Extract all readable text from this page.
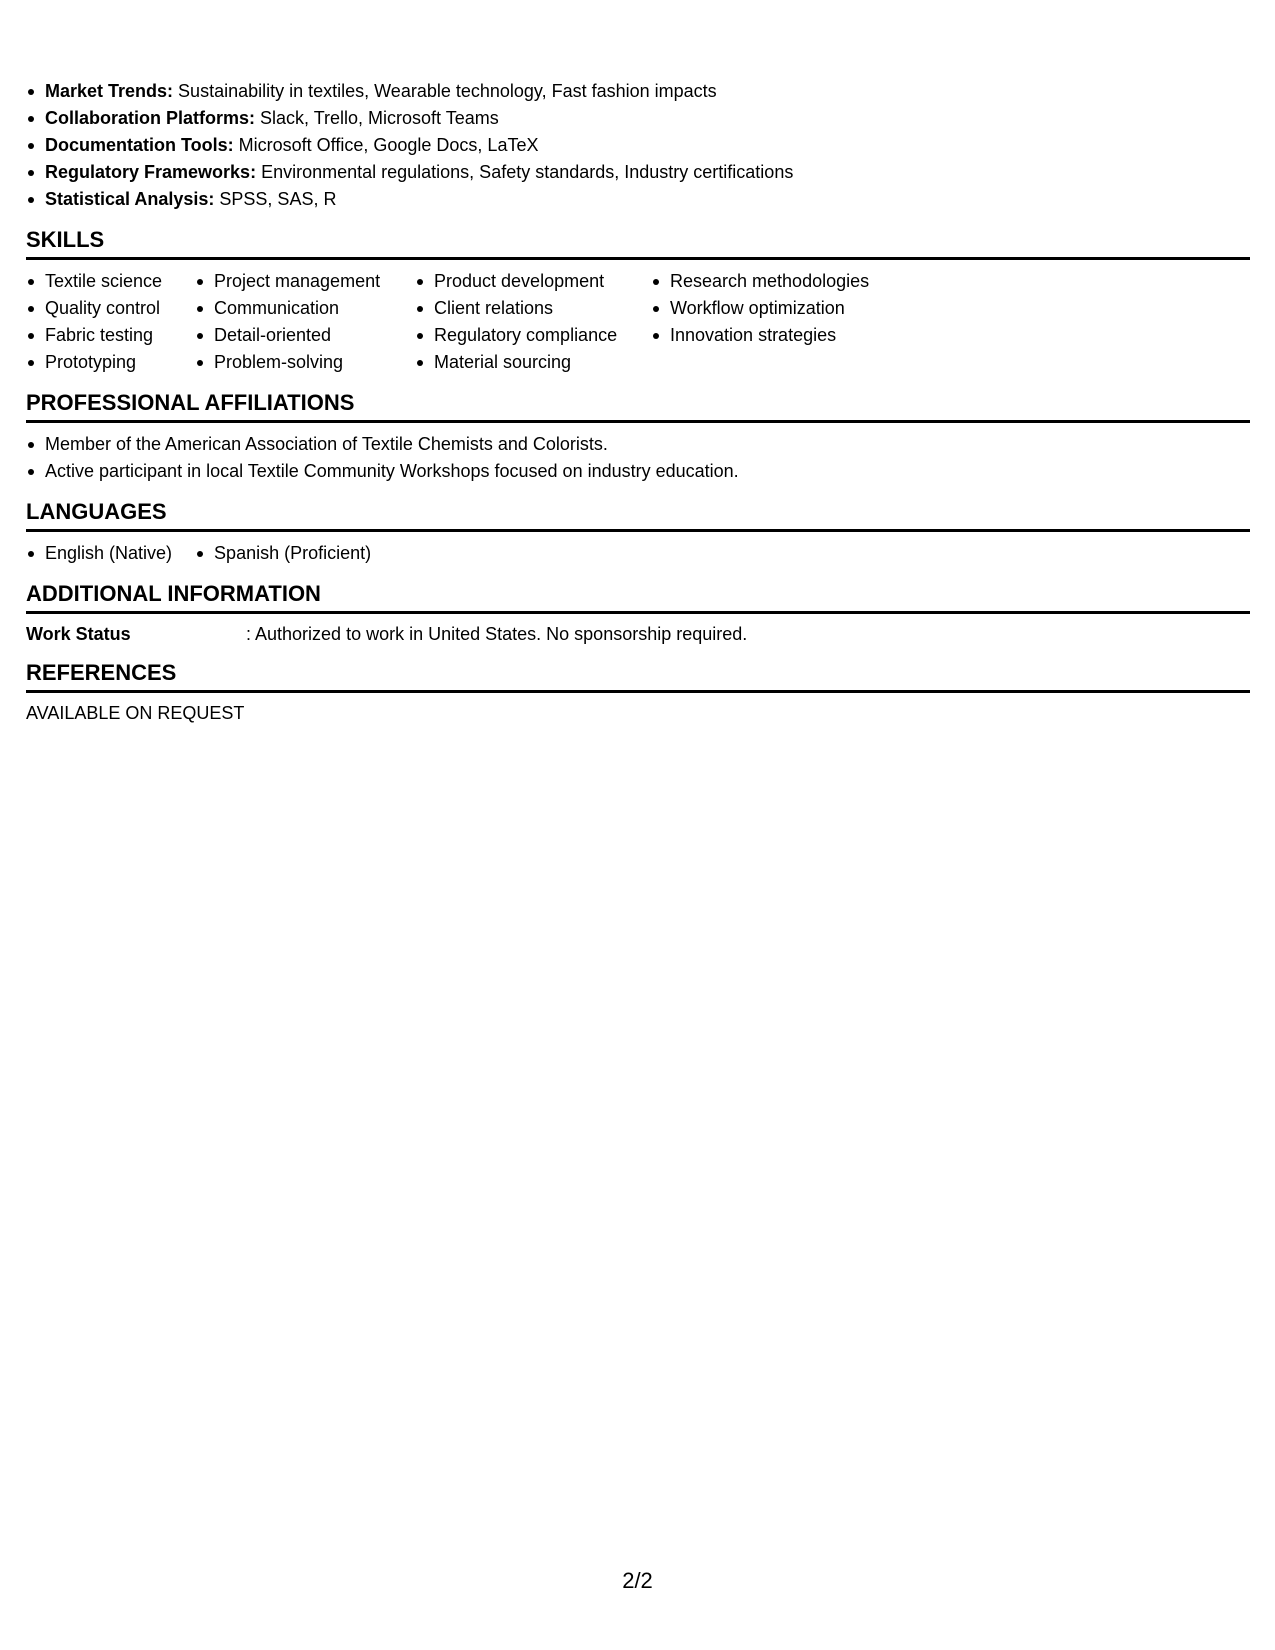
Market Trends: Sustainability in textiles, Wearable technology, Fast fashion impacts
Collaboration Platforms: Slack, Trello, Microsoft Teams
Documentation Tools: Microsoft Office, Google Docs, LaTeX
Regulatory Frameworks: Environmental regulations, Safety standards, Industry certifications
Statistical Analysis: SPSS, SAS, R
SKILLS
Textile science
Quality control
Fabric testing
Prototyping
Project management
Communication
Detail-oriented
Problem-solving
Product development
Client relations
Regulatory compliance
Material sourcing
Research methodologies
Workflow optimization
Innovation strategies
PROFESSIONAL AFFILIATIONS
Member of the American Association of Textile Chemists and Colorists.
Active participant in local Textile Community Workshops focused on industry education.
LANGUAGES
English (Native)	Spanish (Proficient)
ADDITIONAL INFORMATION
Work Status	: Authorized to work in United States. No sponsorship required.
REFERENCES
AVAILABLE ON REQUEST
2/2
